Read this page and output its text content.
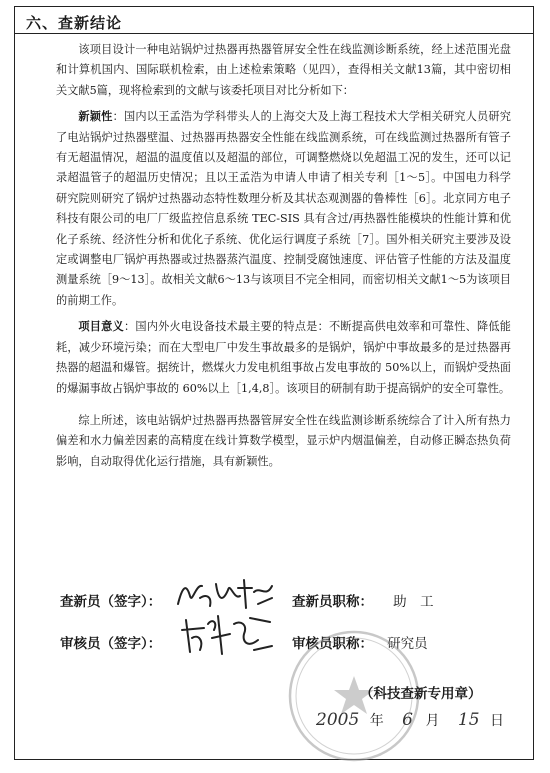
六、查新结论

该项目设计一种电站锅炉过热器再热器管屏安全性在线监测诊断系统，经上述范围光盘和计算机国内、国际联机检索，由上述检索策略（见四），查得相关文献13篇，其中密切相关文献5篇，现将检索到的文献与该委托项目对比分析如下：

新颖性：国内以王孟浩为学科带头人的上海交大及上海工程技术大学相关研究人员研究了电站锅炉过热器壁温、过热器再热器安全性能在线监测系统，可在线监测过热器所有管子有无超温情况，超温的温度值以及超温的部位，可调整燃烧以免超温工况的发生，还可以记录超温管子的超温历史情况；且以王孟浩为申请人申请了相关专利［1～5］。中国电力科学研究院则研究了锅炉过热器动态特性数理分析及其状态观测器的鲁棒性［6］。北京同方电子科技有限公司的电厂厂级监控信息系统 TEC-SIS 具有含过/再热器性能模块的性能计算和优化子系统、经济性分析和优化子系统、优化运行调度子系统［7］。国外相关研究主要涉及设定或调整电厂锅炉再热器或过热器蒸汽温度、控制受腐蚀速度、评估管子性能的方法及温度测量系统［9～13］。故相关文献6～13与该项目不完全相同，而密切相关文献1～5为该项目的前期工作。

项目意义：国内外火电设备技术最主要的特点是：不断提高供电效率和可靠性、降低能耗，减少环境污染；而在大型电厂中发生事故最多的是锅炉，锅炉中事故最多的是过热器再热器的超温和爆管。据统计，燃煤火力发电机组事故占发电事故的 50%以上，而锅炉受热面的爆漏事故占锅炉事故的 60%以上［1,4,8］。该项目的研制有助于提高锅炉的安全可靠性。

综上所述，该电站锅炉过热器再热器管屏安全性在线监测诊断系统综合了计入所有热力偏差和水力偏差因素的高精度在线计算数学模型，显示炉内烟温偏差，自动修正瞬态热负荷影响，自动取得优化运行措施，具有新颖性。

查新员（签字）：	查新员职称： 助　工
审核员（签字）：	审核员职称： 研究员
（科技查新专用章）
2005 年 6 月 15 日
